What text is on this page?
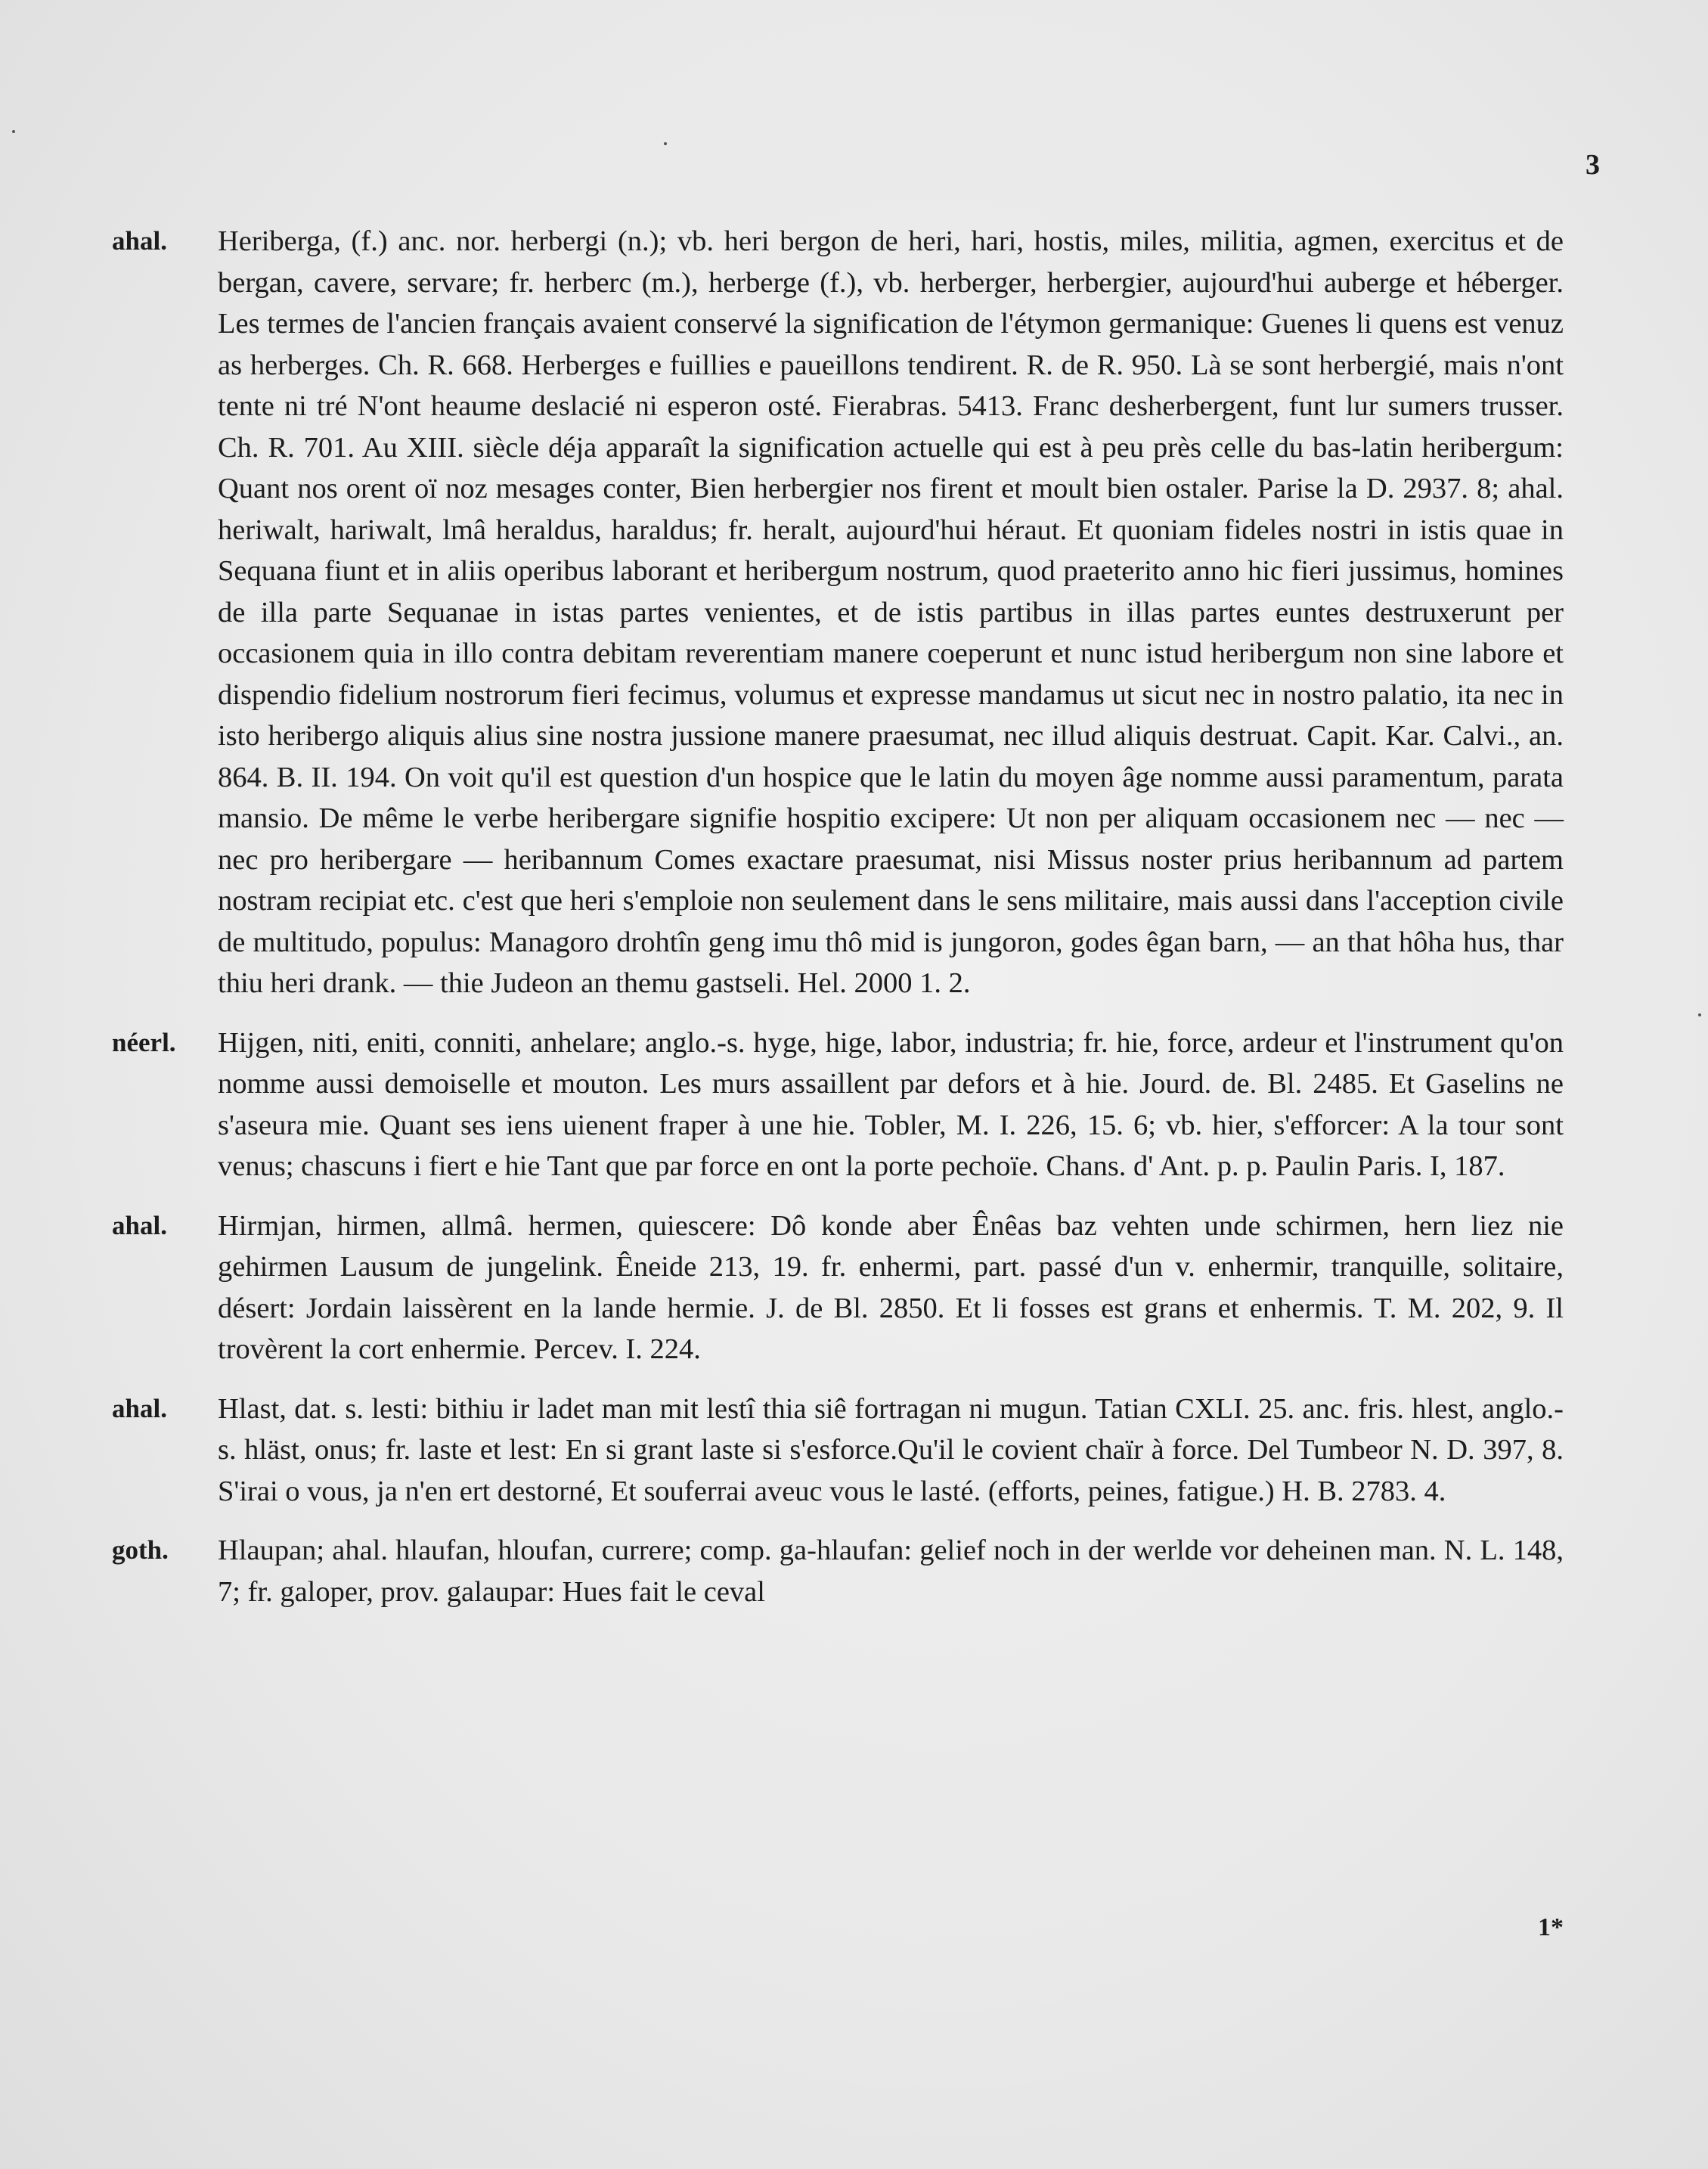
3
ahal. Heriberga, (f.) anc. nor. herbergi (n.); vb. heri bergon de heri, hari, hostis, miles, militia, agmen, exercitus et de bergan, cavere, servare; fr. herberc (m.), herberge (f.), vb. herberger, herbergier, aujourd'hui auberge et héberger. Les termes de l'ancien français avaient conservé la signification de l'étymon germanique: Guenes li quens est venuz as herberges. Ch. R. 668. Herberges e fuillies e paueillons tendirent. R. de R. 950. Là se sont herbergié, mais n'ont tente ni tré N'ont heaume deslacié ni esperon osté. Fierabras. 5413. Franc desherbergent, funt lur sumers trusser. Ch. R. 701. Au XIII. siècle déja apparaît la signification actuelle qui est à peu près celle du bas-latin heribergum: Quant nos orent oï noz mesages conter, Bien herbergier nos firent et moult bien ostaler. Parise la D. 2937. 8; ahal. heriwalt, hariwalt, lmâ heraldus, haraldus; fr. heralt, aujourd'hui héraut. Et quoniam fideles nostri in istis quae in Sequana fiunt et in aliis operibus laborant et heribergum nostrum, quod praeterito anno hic fieri jussimus, homines de illa parte Sequanae in istas partes venientes, et de istis partibus in illas partes euntes destruxerunt per occasionem quia in illo contra debitam reverentiam manere coeperunt et nunc istud heribergum non sine labore et dispendio fidelium nostrorum fieri fecimus, volumus et expresse mandamus ut sicut nec in nostro palatio, ita nec in isto heribergo aliquis alius sine nostra jussione manere praesumat, nec illud aliquis destruat. Capit. Kar. Calvi., an. 864. B. II. 194. On voit qu'il est question d'un hospice que le latin du moyen âge nomme aussi paramentum, parata mansio. De même le verbe heribergare signifie hospitio excipere: Ut non per aliquam occasionem nec — nec — nec pro heribergare — heribannum Comes exactare praesumat, nisi Missus noster prius heribannum ad partem nostram recipiat etc. c'est que heri s'emploie non seulement dans le sens militaire, mais aussi dans l'acception civile de multitudo, populus: Managoro drohtîn geng imu thô mid is jungoron, godes êgan barn, — an that hôha hus, thar thiu heri drank. — thie Judeon an themu gastseli. Hel. 2000 1. 2.

néerl. Hijgen, niti, eniti, conniti, anhelare; anglo.-s. hyge, hige, labor, industria; fr. hie, force, ardeur et l'instrument qu'on nomme aussi demoiselle et mouton. Les murs assaillent par defors et à hie. Jourd. de. Bl. 2485. Et Gaselins ne s'aseura mie. Quant ses iens uienent fraper à une hie. Tobler, M. I. 226, 15. 6; vb. hier, s'efforcer: A la tour sont venus; chascuns i fiert e hie Tant que par force en ont la porte pechoïe. Chans. d' Ant. p. p. Paulin Paris. I, 187.

ahal. Hirmjan, hirmen, allmâ. hermen, quiescere: Dô konde aber Ênêas baz vehten unde schirmen, hern liez nie gehirmen Lausum de jungelink. Êneide 213, 19. fr. enhermi, part. passé d'un v. enhermir, tranquille, solitaire, désert: Jordain laissèrent en la lande hermie. J. de Bl. 2850. Et li fosses est grans et enhermis. T. M. 202, 9. Il trovèrent la cort enhermie. Percev. I. 224.

ahal. Hlast, dat. s. lesti: bithiu ir ladet man mit lestî thia siê fortragan ni mugun. Tatian CXLI. 25. anc. fris. hlest, anglo.-s. hläst, onus; fr. laste et lest: En si grant laste si s'esforce.Qu'il le covient chaïr à force. Del Tumbeor N. D. 397, 8. S'irai o vous, ja n'en ert destorné, Et souferrai aveuc vous le lasté. (efforts, peines, fatigue.) H. B. 2783. 4.

goth. Hlaupan; ahal. hlaufan, hloufan, currere; comp. ga-hlaufan: gelief noch in der werlde vor deheinen man. N. L. 148, 7; fr. galoper, prov. galaupar: Hues fait le ceval

1*
